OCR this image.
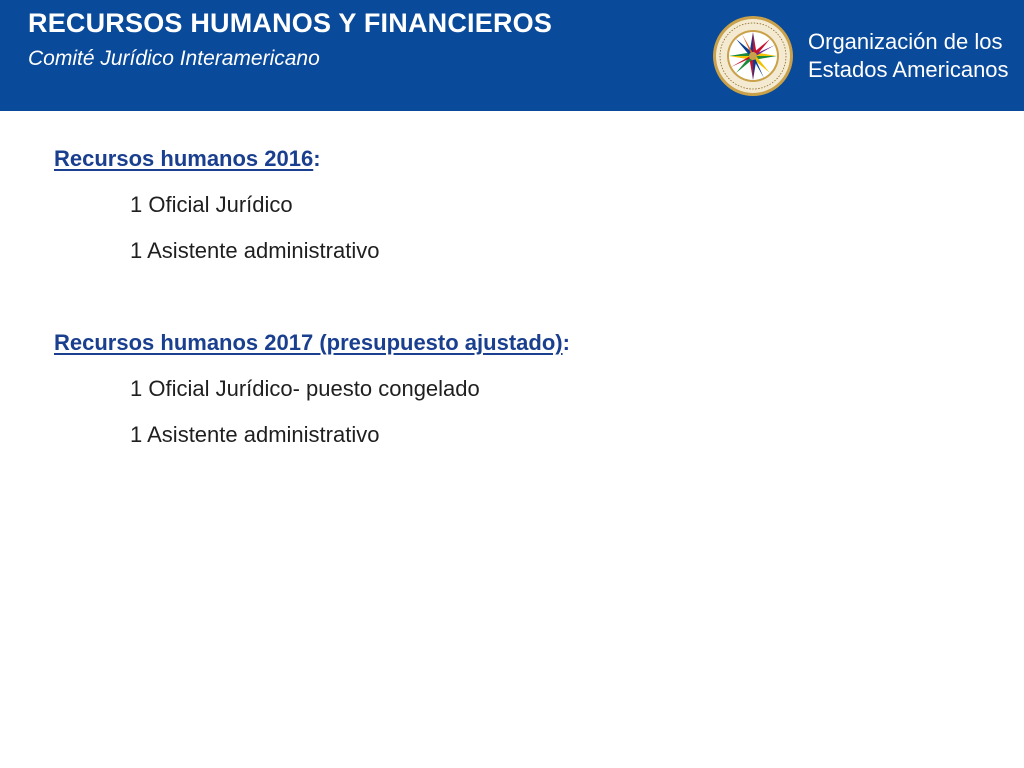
RECURSOS HUMANOS Y FINANCIEROS
Comité Jurídico Interamericano
Organización de los
Estados Americanos
Recursos humanos 2016:
1 Oficial Jurídico
1 Asistente administrativo
Recursos humanos 2017 (presupuesto ajustado):
1 Oficial Jurídico- puesto congelado
1 Asistente administrativo
